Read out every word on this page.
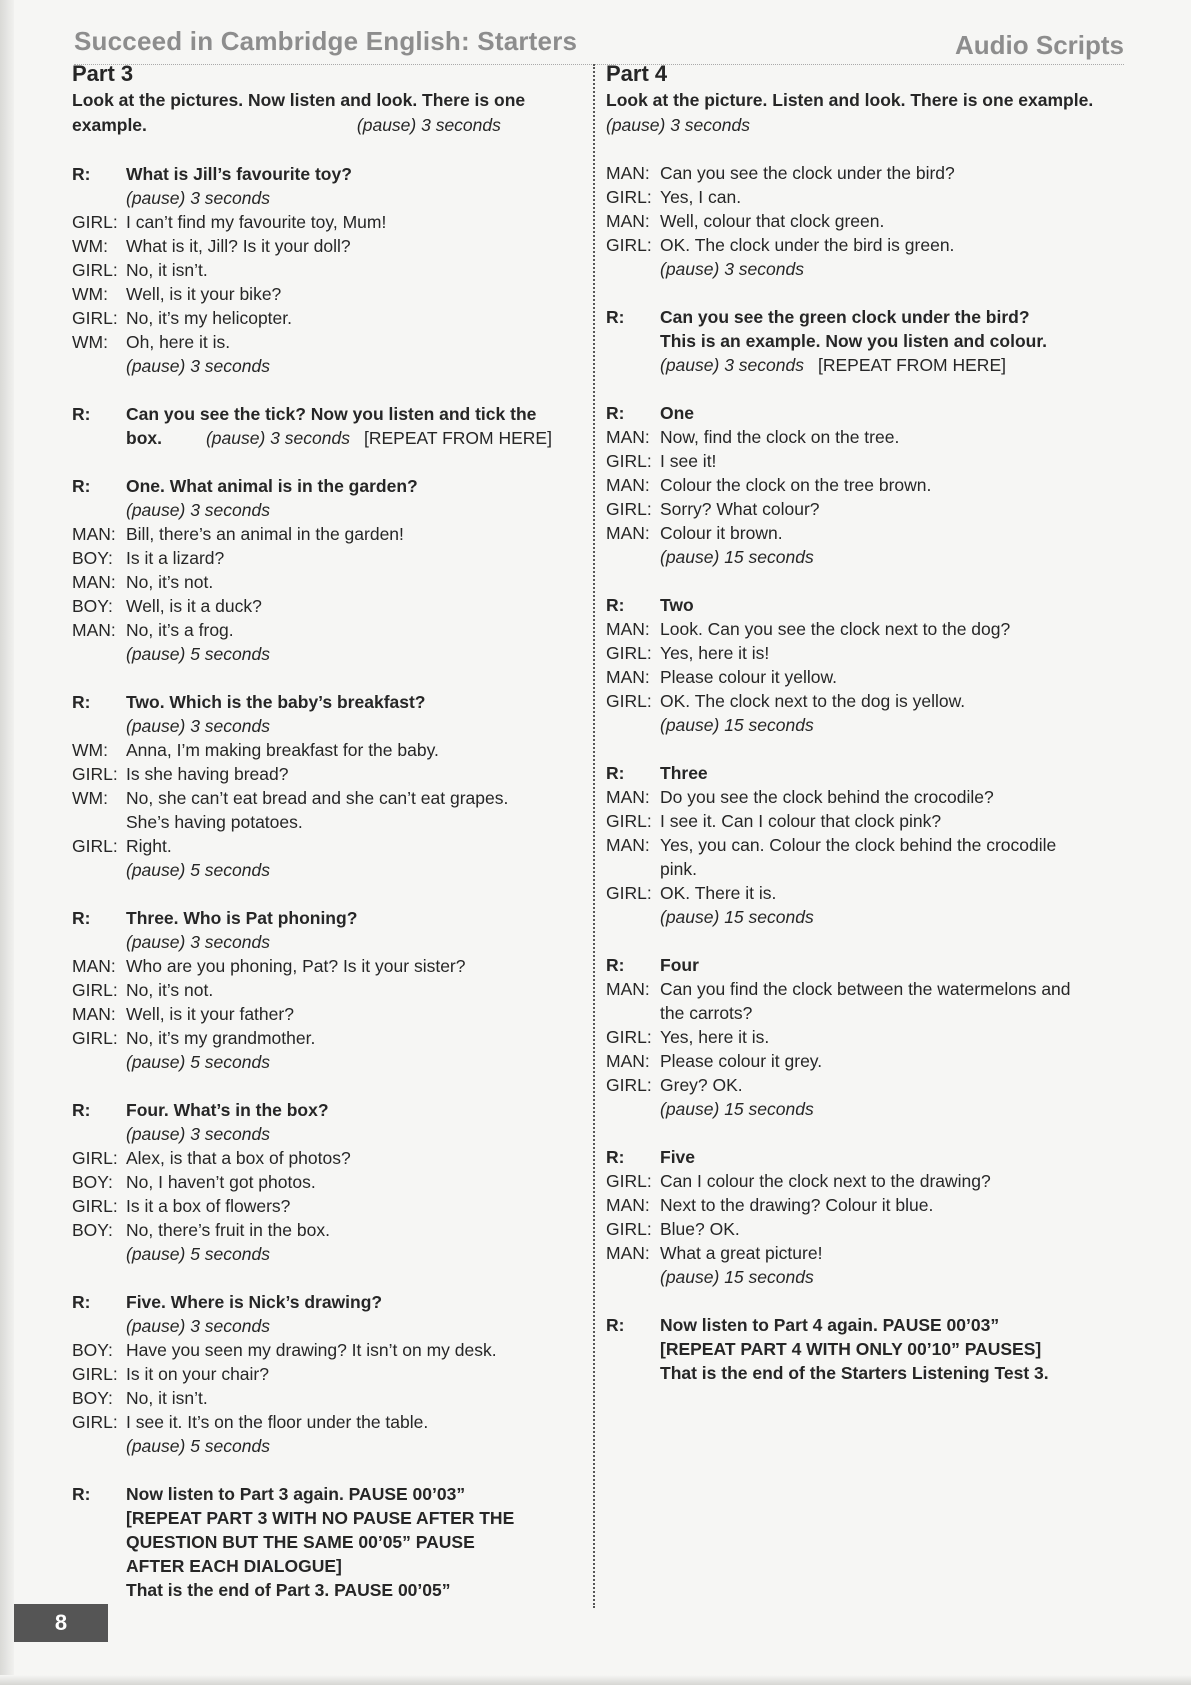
Succeed in Cambridge English: Starters	Audio Scripts
Part 3
Look at the pictures. Now listen and look. There is one example.	(pause) 3 seconds
R:	What is Jill’s favourite toy?
(pause) 3 seconds
GIRL: I can’t find my favourite toy, Mum!
WM:	What is it, Jill? Is it your doll?
GIRL: No, it isn’t.
WM:	Well, is it your bike?
GIRL: No, it’s my helicopter.
WM:	Oh, here it is.
(pause) 3 seconds
R:	Can you see the tick? Now you listen and tick the
box.	(pause) 3 seconds [REPEAT FROM HERE]
R:	One. What animal is in the garden?
(pause) 3 seconds
MAN: Bill, there’s an animal in the garden!
BOY: Is it a lizard?
MAN: No, it’s not.
BOY: Well, is it a duck?
MAN: No, it’s a frog.
(pause) 5 seconds
R:	Two. Which is the baby’s breakfast?
(pause) 3 seconds
WM:	Anna, I’m making breakfast for the baby.
GIRL: Is she having bread?
WM:	No, she can’t eat bread and she can’t eat grapes.
She’s having potatoes.
GIRL: Right.
(pause) 5 seconds
R:	Three. Who is Pat phoning?
(pause) 3 seconds
MAN: Who are you phoning, Pat? Is it your sister?
GIRL: No, it’s not.
MAN: Well, is it your father?
GIRL: No, it’s my grandmother.
(pause) 5 seconds
R:	Four. What’s in the box?
(pause) 3 seconds
GIRL: Alex, is that a box of photos?
BOY: No, I haven’t got photos.
GIRL: Is it a box of flowers?
BOY: No, there’s fruit in the box.
(pause) 5 seconds
R:	Five. Where is Nick’s drawing?
(pause) 3 seconds
BOY: Have you seen my drawing? It isn’t on my desk.
GIRL: Is it on your chair?
BOY: No, it isn’t.
GIRL: I see it. It’s on the floor under the table.
(pause) 5 seconds
R:	Now listen to Part 3 again. PAUSE 00’03”
[REPEAT PART 3 WITH NO PAUSE AFTER THE
QUESTION BUT THE SAME 00’05” PAUSE
AFTER EACH DIALOGUE]
That is the end of Part 3. PAUSE 00’05”
Part 4
Look at the picture. Listen and look. There is one example.
(pause) 3 seconds
MAN: Can you see the clock under the bird?
GIRL: Yes, I can.
MAN: Well, colour that clock green.
GIRL: OK. The clock under the bird is green.
(pause) 3 seconds
R:	Can you see the green clock under the bird?
This is an example. Now you listen and colour.
(pause) 3 seconds [REPEAT FROM HERE]
R:	One
MAN: Now, find the clock on the tree.
GIRL: I see it!
MAN: Colour the clock on the tree brown.
GIRL: Sorry? What colour?
MAN: Colour it brown.
(pause) 15 seconds
R:	Two
MAN: Look. Can you see the clock next to the dog?
GIRL: Yes, here it is!
MAN: Please colour it yellow.
GIRL: OK. The clock next to the dog is yellow.
(pause) 15 seconds
R:	Three
MAN: Do you see the clock behind the crocodile?
GIRL: I see it. Can I colour that clock pink?
MAN: Yes, you can. Colour the clock behind the crocodile
pink.
GIRL: OK. There it is.
(pause) 15 seconds
R:	Four
MAN: Can you find the clock between the watermelons and
the carrots?
GIRL: Yes, here it is.
MAN: Please colour it grey.
GIRL: Grey? OK.
(pause) 15 seconds
R:	Five
GIRL: Can I colour the clock next to the drawing?
MAN: Next to the drawing? Colour it blue.
GIRL: Blue? OK.
MAN: What a great picture!
(pause) 15 seconds
R:	Now listen to Part 4 again. PAUSE 00’03”
[REPEAT PART 4 WITH ONLY 00’10” PAUSES]
That is the end of the Starters Listening Test 3.
8
